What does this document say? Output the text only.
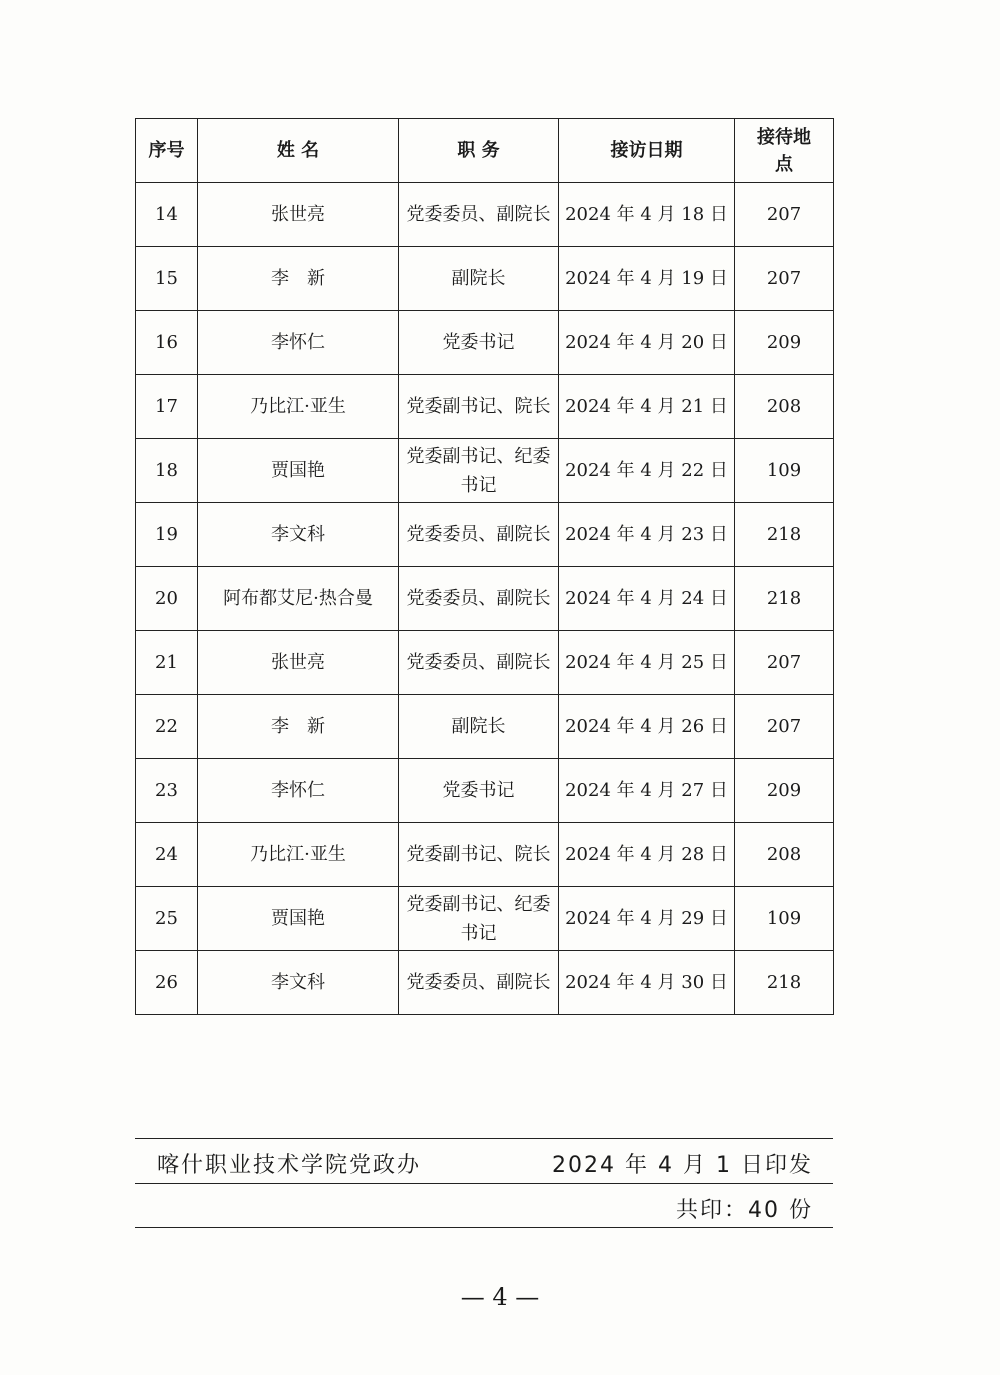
序号	姓 名	职 务	接访日期	接待地点
14	张世亮	党委委员、副院长	2024 年 4 月 18 日	207
15	李　新	副院长	2024 年 4 月 19 日	207
16	李怀仁	党委书记	2024 年 4 月 20 日	209
17	乃比江·亚生	党委副书记、院长	2024 年 4 月 21 日	208
18	贾国艳	党委副书记、纪委书记	2024 年 4 月 22 日	109
19	李文科	党委委员、副院长	2024 年 4 月 23 日	218
20	阿布都艾尼·热合曼	党委委员、副院长	2024 年 4 月 24 日	218
21	张世亮	党委委员、副院长	2024 年 4 月 25 日	207
22	李　新	副院长	2024 年 4 月 26 日	207
23	李怀仁	党委书记	2024 年 4 月 27 日	209
24	乃比江·亚生	党委副书记、院长	2024 年 4 月 28 日	208
25	贾国艳	党委副书记、纪委书记	2024 年 4 月 29 日	109
26	李文科	党委委员、副院长	2024 年 4 月 30 日	218
喀什职业技术学院党政办	2024 年 4 月 1 日印发
共印：40 份
— 4 —
